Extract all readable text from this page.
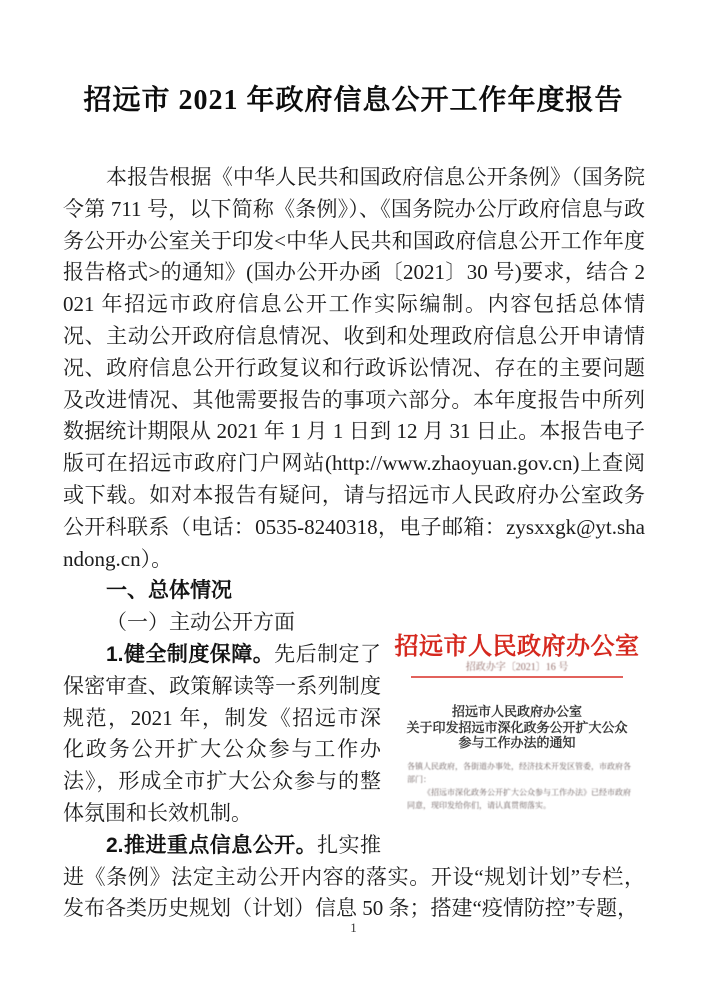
招远市 2021 年政府信息公开工作年度报告

本报告根据《中华人民共和国政府信息公开条例》（国务院令第 711 号，以下简称《条例》）、《国务院办公厅政府信息与政务公开办公室关于印发<中华人民共和国政府信息公开工作年度报告格式>的通知》(国办公开办函〔2021〕30 号)要求，结合 2021 年招远市政府信息公开工作实际编制。内容包括总体情况、主动公开政府信息情况、收到和处理政府信息公开申请情况、政府信息公开行政复议和行政诉讼情况、存在的主要问题及改进情况、其他需要报告的事项六部分。本年度报告中所列数据统计期限从 2021 年 1 月 1 日到 12 月 31 日止。本报告电子版可在招远市政府门户网站(http://www.zhaoyuan.gov.cn)上查阅或下载。如对本报告有疑问，请与招远市人民政府办公室政务公开科联系（电话：0535-8240318，电子邮箱：zysxxgk@yt.shandong.cn）。

招远市人民政府办公室

招政办字〔2021〕16 号

招远市人民政府办公室
关于印发招远市深化政务公开扩大公众
参与工作办法的通知

各镇人民政府，各街道办事处，经济技术开发区管委，市政府各部门：

《招远市深化政务公开扩大公众参与工作办法》已经市政府同意，现印发给你们，请认真贯彻落实。

一、总体情况

（一）主动公开方面

1.健全制度保障。先后制定了保密审查、政策解读等一系列制度规范，2021 年，制发《招远市深化政务公开扩大公众参与工作办法》，形成全市扩大公众参与的整体氛围和长效机制。

2.推进重点信息公开。扎实推进《条例》法定主动公开内容的落实。开设“规划计划”专栏，发布各类历史规划（计划）信息 50 条；搭建“疫情防控”专题，

1
